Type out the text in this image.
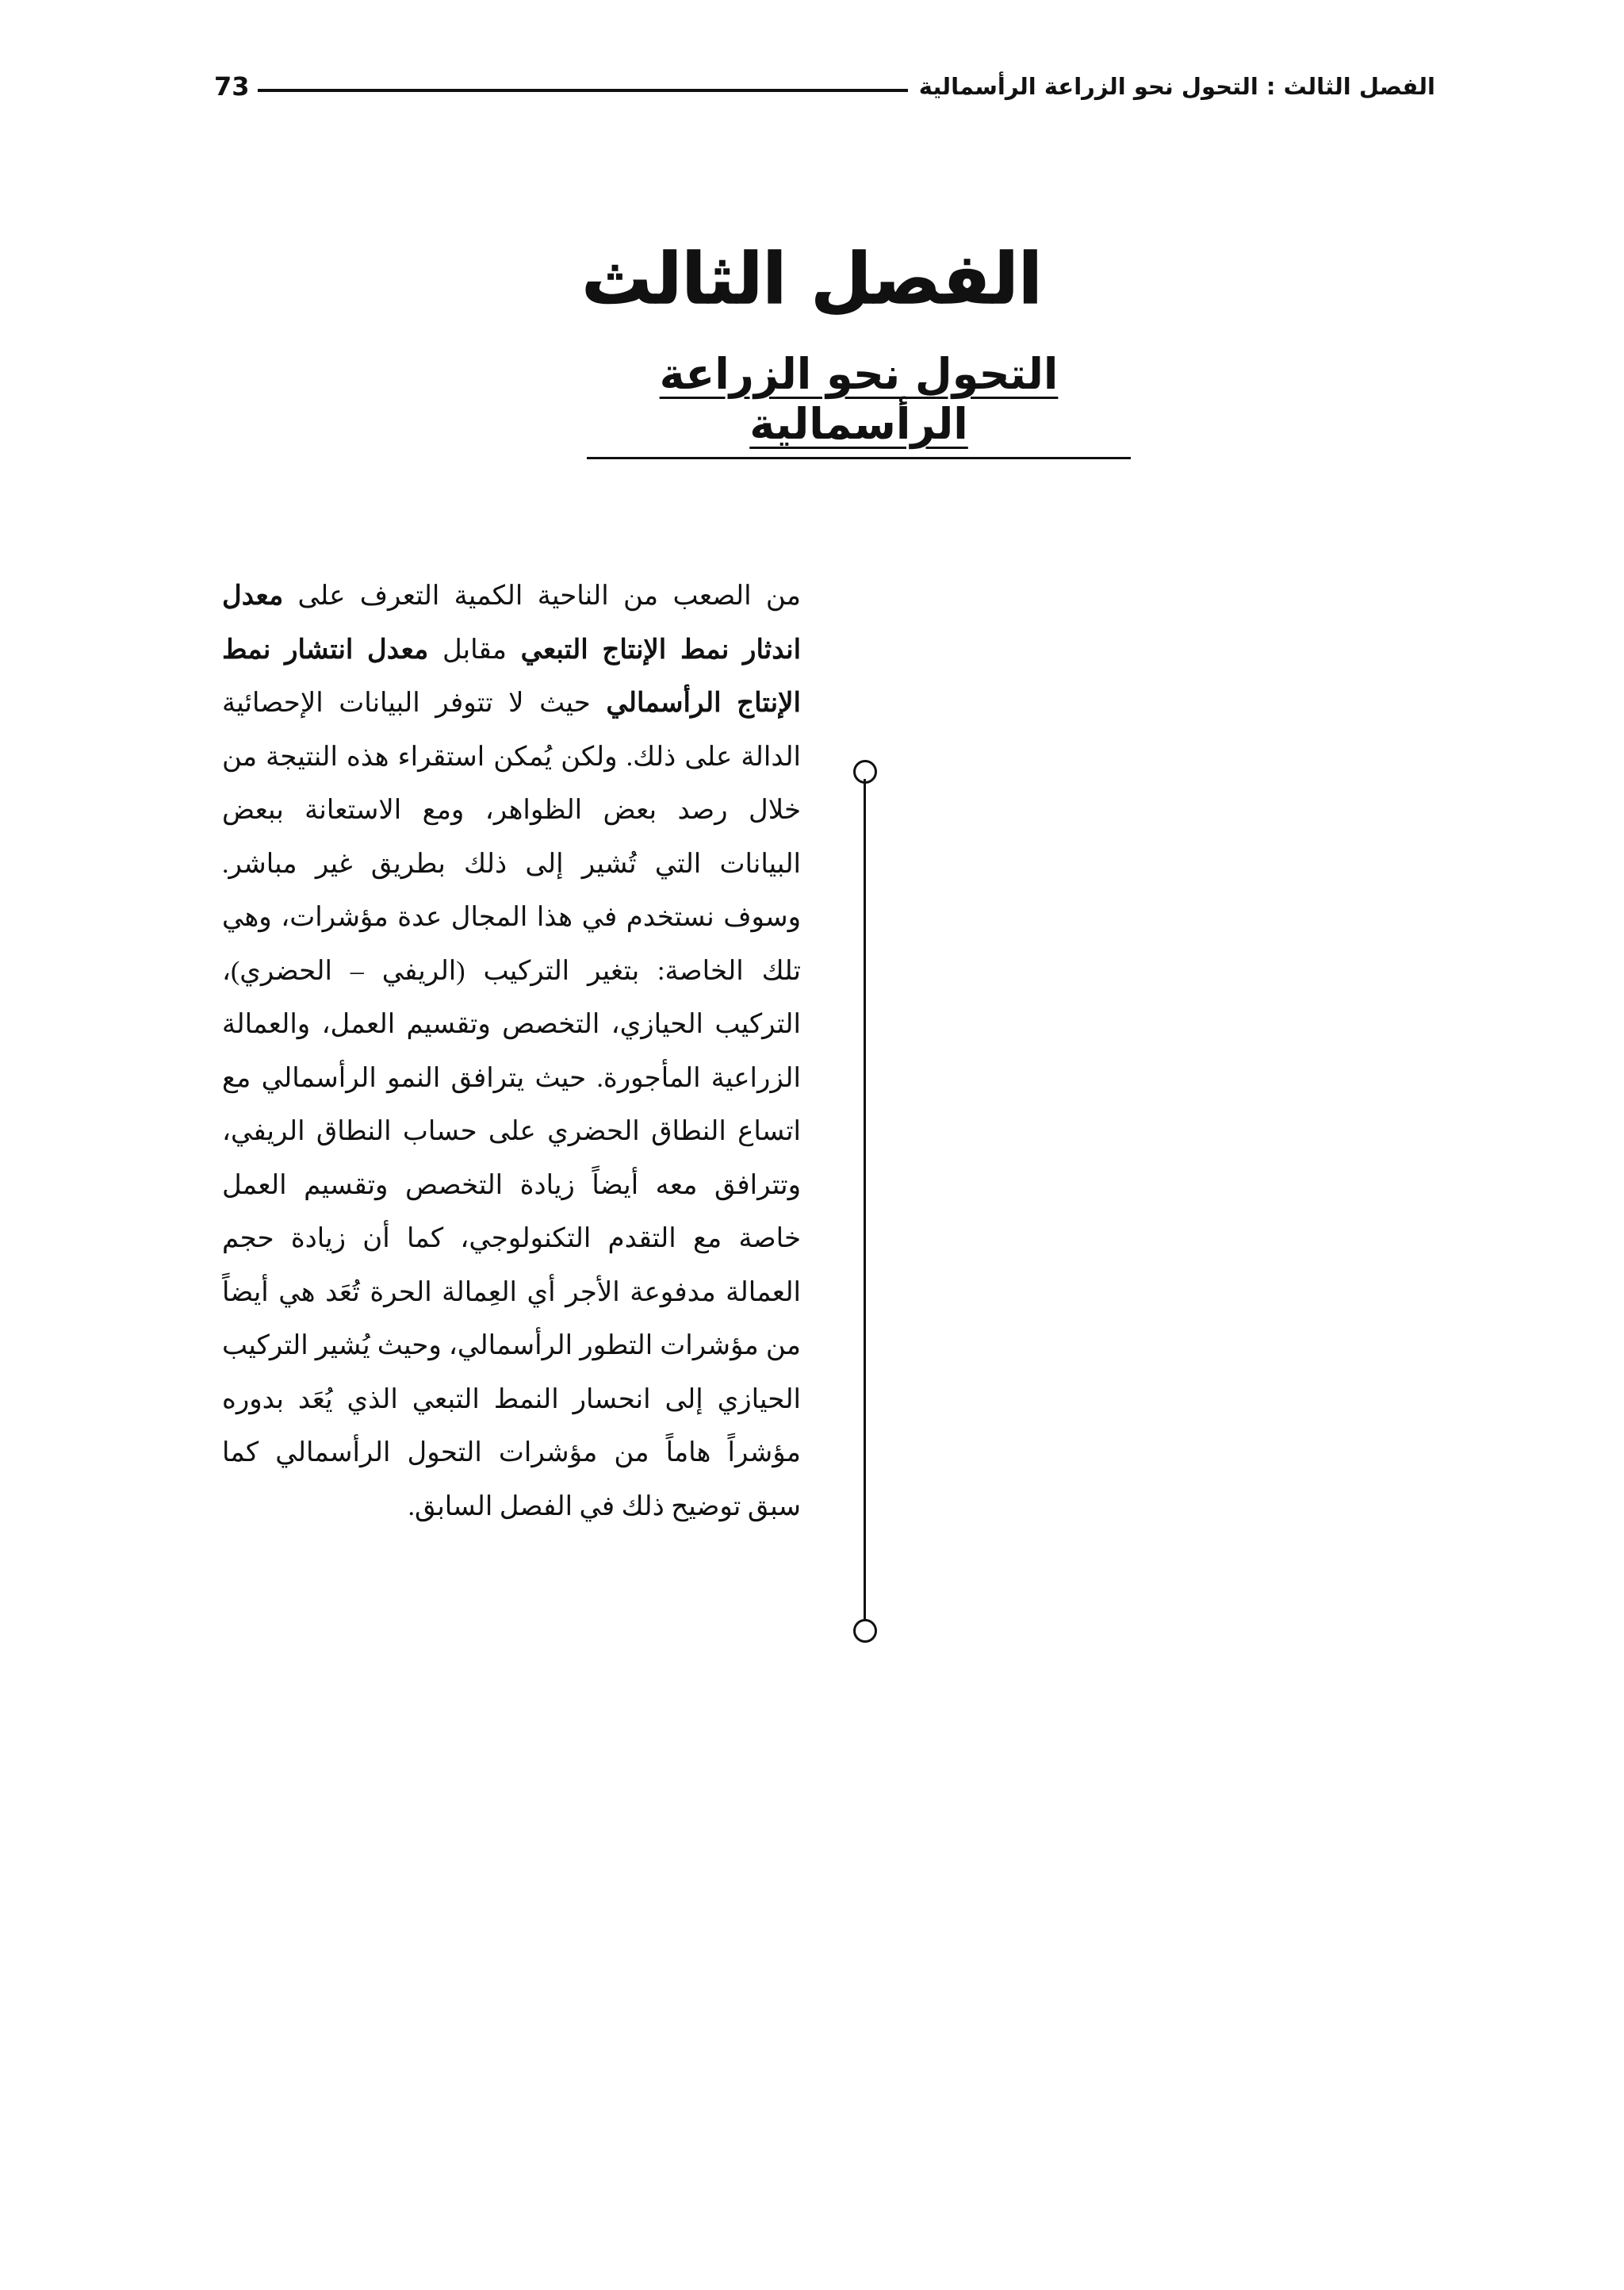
الفصل الثالث : التحول نحو الزراعة الرأسمالية
73
الفصل الثالث
التحول نحو الزراعة الرأسمالية

من الصعب من الناحية الكمية التعرف على معدل اندثار نمط الإنتاج التبعي مقابل معدل انتشار نمط الإنتاج الرأسمالي حيث لا تتوفر البيانات الإحصائية الدالة على ذلك. ولكن يُمكن استقراء هذه النتيجة من خلال رصد بعض الظواهر، ومع الاستعانة ببعض البيانات التي تُشير إلى ذلك بطريق غير مباشر. وسوف نستخدم في هذا المجال عدة مؤشرات، وهي تلك الخاصة: بتغير التركيب (الريفي – الحضري)، التركيب الحيازي، التخصص وتقسيم العمل، والعمالة الزراعية المأجورة. حيث يترافق النمو الرأسمالي مع اتساع النطاق الحضري على حساب النطاق الريفي، وتترافق معه أيضاً زيادة التخصص وتقسيم العمل خاصة مع التقدم التكنولوجي، كما أن زيادة حجم العمالة مدفوعة الأجر أي العِمالة الحرة تُعَد هي أيضاً من مؤشرات التطور الرأسمالي، وحيث يُشير التركيب الحيازي إلى انحسار النمط التبعي الذي يُعَد بدوره مؤشراً هاماً من مؤشرات التحول الرأسمالي كما سبق توضيح ذلك في الفصل السابق.
